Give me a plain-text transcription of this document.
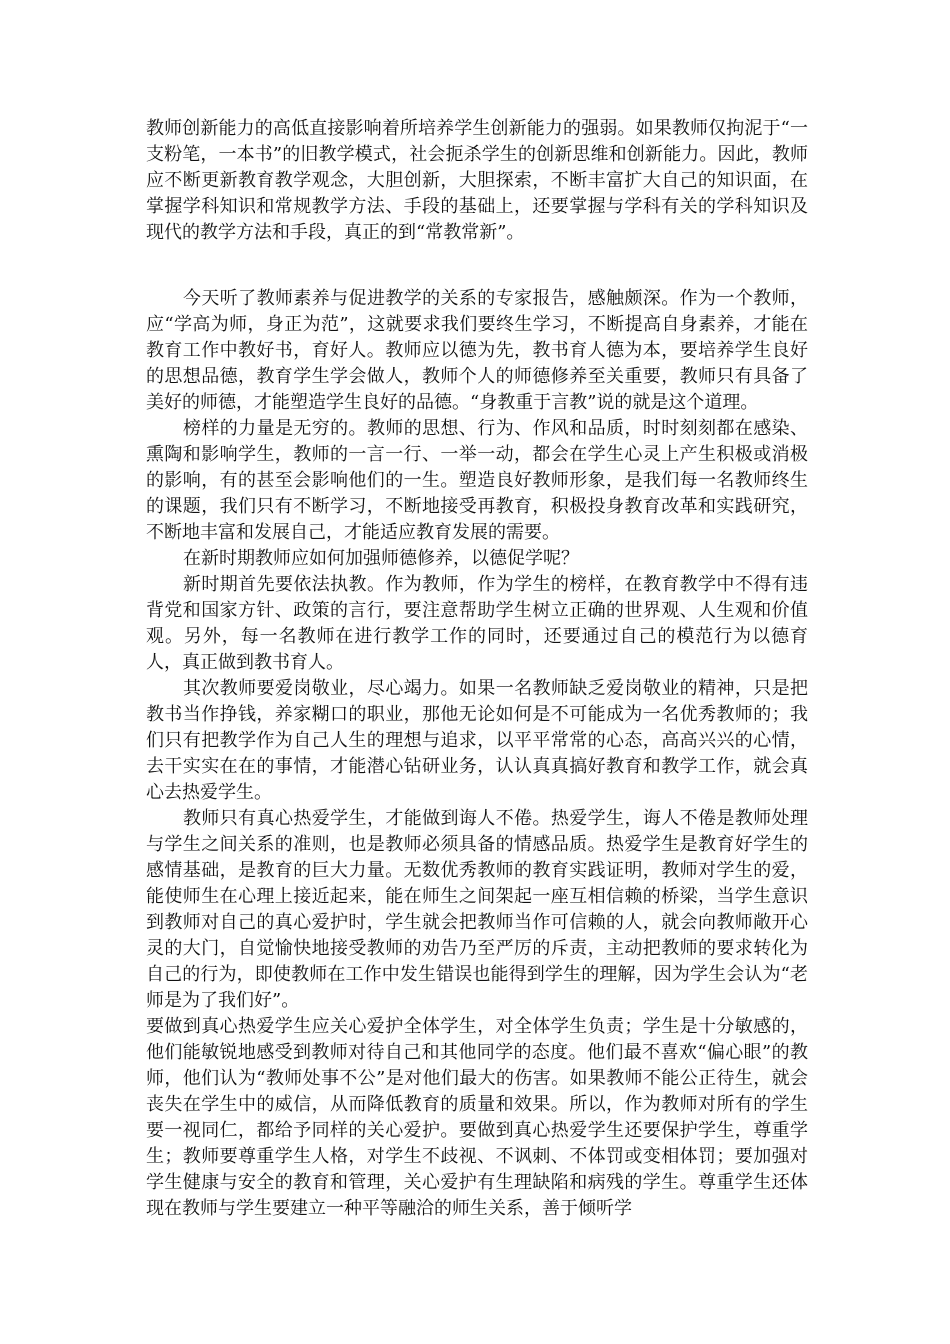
教师创新能力的高低直接影响着所培养学生创新能力的强弱。如果教师仅拘泥于“一支粉笔，一本书”的旧教学模式，社会扼杀学生的创新思维和创新能力。因此，教师应不断更新教育教学观念，大胆创新，大胆探索，不断丰富扩大自己的知识面，在掌握学科知识和常规教学方法、手段的基础上，还要掌握与学科有关的学科知识及现代的教学方法和手段，真正的到“常教常新”。

今天听了教师素养与促进教学的关系的专家报告，感触颇深。作为一个教师，应“学高为师，身正为范”，这就要求我们要终生学习，不断提高自身素养，才能在教育工作中教好书，育好人。教师应以德为先，教书育人德为本，要培养学生良好的思想品德，教育学生学会做人，教师个人的师德修养至关重要，教师只有具备了美好的师德，才能塑造学生良好的品德。“身教重于言教”说的就是这个道理。

榜样的力量是无穷的。教师的思想、行为、作风和品质，时时刻刻都在感染、熏陶和影响学生，教师的一言一行、一举一动，都会在学生心灵上产生积极或消极的影响，有的甚至会影响他们的一生。塑造良好教师形象，是我们每一名教师终生的课题，我们只有不断学习，不断地接受再教育，积极投身教育改革和实践研究，不断地丰富和发展自己，才能适应教育发展的需要。

在新时期教师应如何加强师德修养，以德促学呢？

新时期首先要依法执教。作为教师，作为学生的榜样，在教育教学中不得有违背党和国家方针、政策的言行，要注意帮助学生树立正确的世界观、人生观和价值观。另外，每一名教师在进行教学工作的同时，还要通过自己的模范行为以德育人，真正做到教书育人。

其次教师要爱岗敬业，尽心竭力。如果一名教师缺乏爱岗敬业的精神，只是把教书当作挣钱，养家糊口的职业，那他无论如何是不可能成为一名优秀教师的；我们只有把教学作为自己人生的理想与追求，以平平常常的心态，高高兴兴的心情，去干实实在在的事情，才能潜心钻研业务，认认真真搞好教育和教学工作，就会真心去热爱学生。

教师只有真心热爱学生，才能做到诲人不倦。热爱学生，诲人不倦是教师处理与学生之间关系的准则，也是教师必须具备的情感品质。热爱学生是教育好学生的感情基础，是教育的巨大力量。无数优秀教师的教育实践证明，教师对学生的爱，能使师生在心理上接近起来，能在师生之间架起一座互相信赖的桥梁，当学生意识到教师对自己的真心爱护时，学生就会把教师当作可信赖的人，就会向教师敞开心灵的大门，自觉愉快地接受教师的劝告乃至严厉的斥责，主动把教师的要求转化为自己的行为，即使教师在工作中发生错误也能得到学生的理解，因为学生会认为“老师是为了我们好”。

要做到真心热爱学生应关心爱护全体学生，对全体学生负责；学生是十分敏感的，他们能敏锐地感受到教师对待自己和其他同学的态度。他们最不喜欢“偏心眼”的教师，他们认为“教师处事不公”是对他们最大的伤害。如果教师不能公正待生，就会丧失在学生中的威信，从而降低教育的质量和效果。所以，作为教师对所有的学生要一视同仁，都给予同样的关心爱护。要做到真心热爱学生还要保护学生，尊重学生；教师要尊重学生人格，对学生不歧视、不讽刺、不体罚或变相体罚；要加强对学生健康与安全的教育和管理，关心爱护有生理缺陷和病残的学生。尊重学生还体现在教师与学生要建立一种平等融洽的师生关系，善于倾听学
